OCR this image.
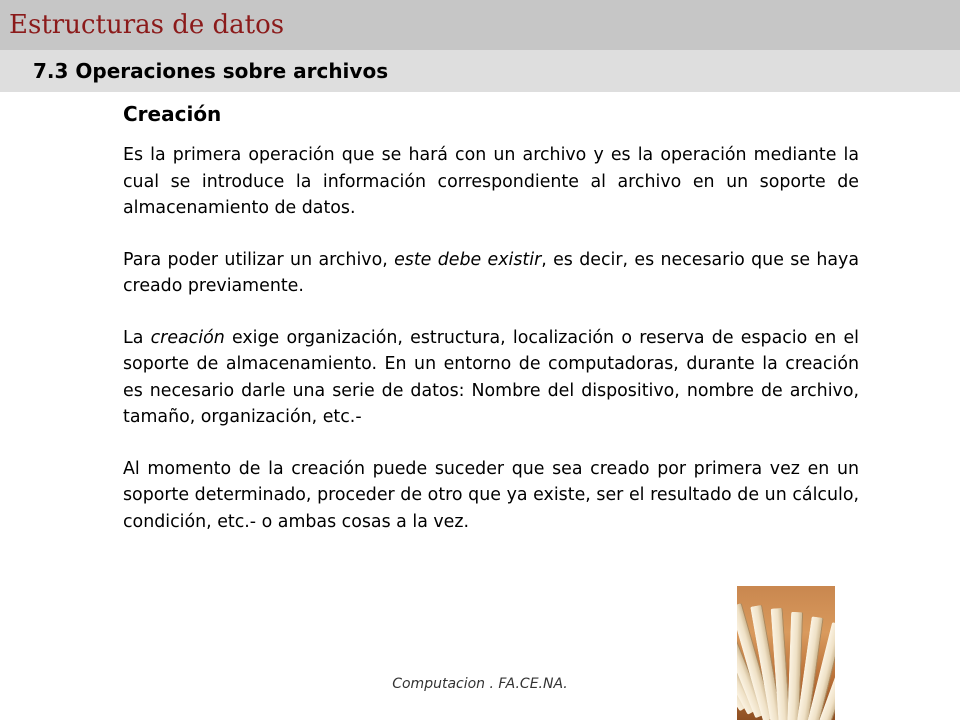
Estructuras de datos
7.3 Operaciones sobre archivos
Creación

Es la primera operación que se hará con un archivo y es la operación mediante la cual se introduce la información correspondiente al archivo en un soporte de almacenamiento de datos.

Para poder utilizar un archivo, este debe existir, es decir, es necesario que se haya creado previamente.

La creación exige organización, estructura, localización o reserva de espacio en el soporte de almacenamiento. En un entorno de computadoras, durante la creación es necesario darle una serie de datos: Nombre del dispositivo, nombre de archivo, tamaño, organización, etc.-

Al momento de la creación puede suceder que sea creado por primera vez en un soporte determinado, proceder de otro que ya existe, ser el resultado de un cálculo, condición, etc.- o ambas cosas a la vez.

Computacion . FA.CE.NA.
